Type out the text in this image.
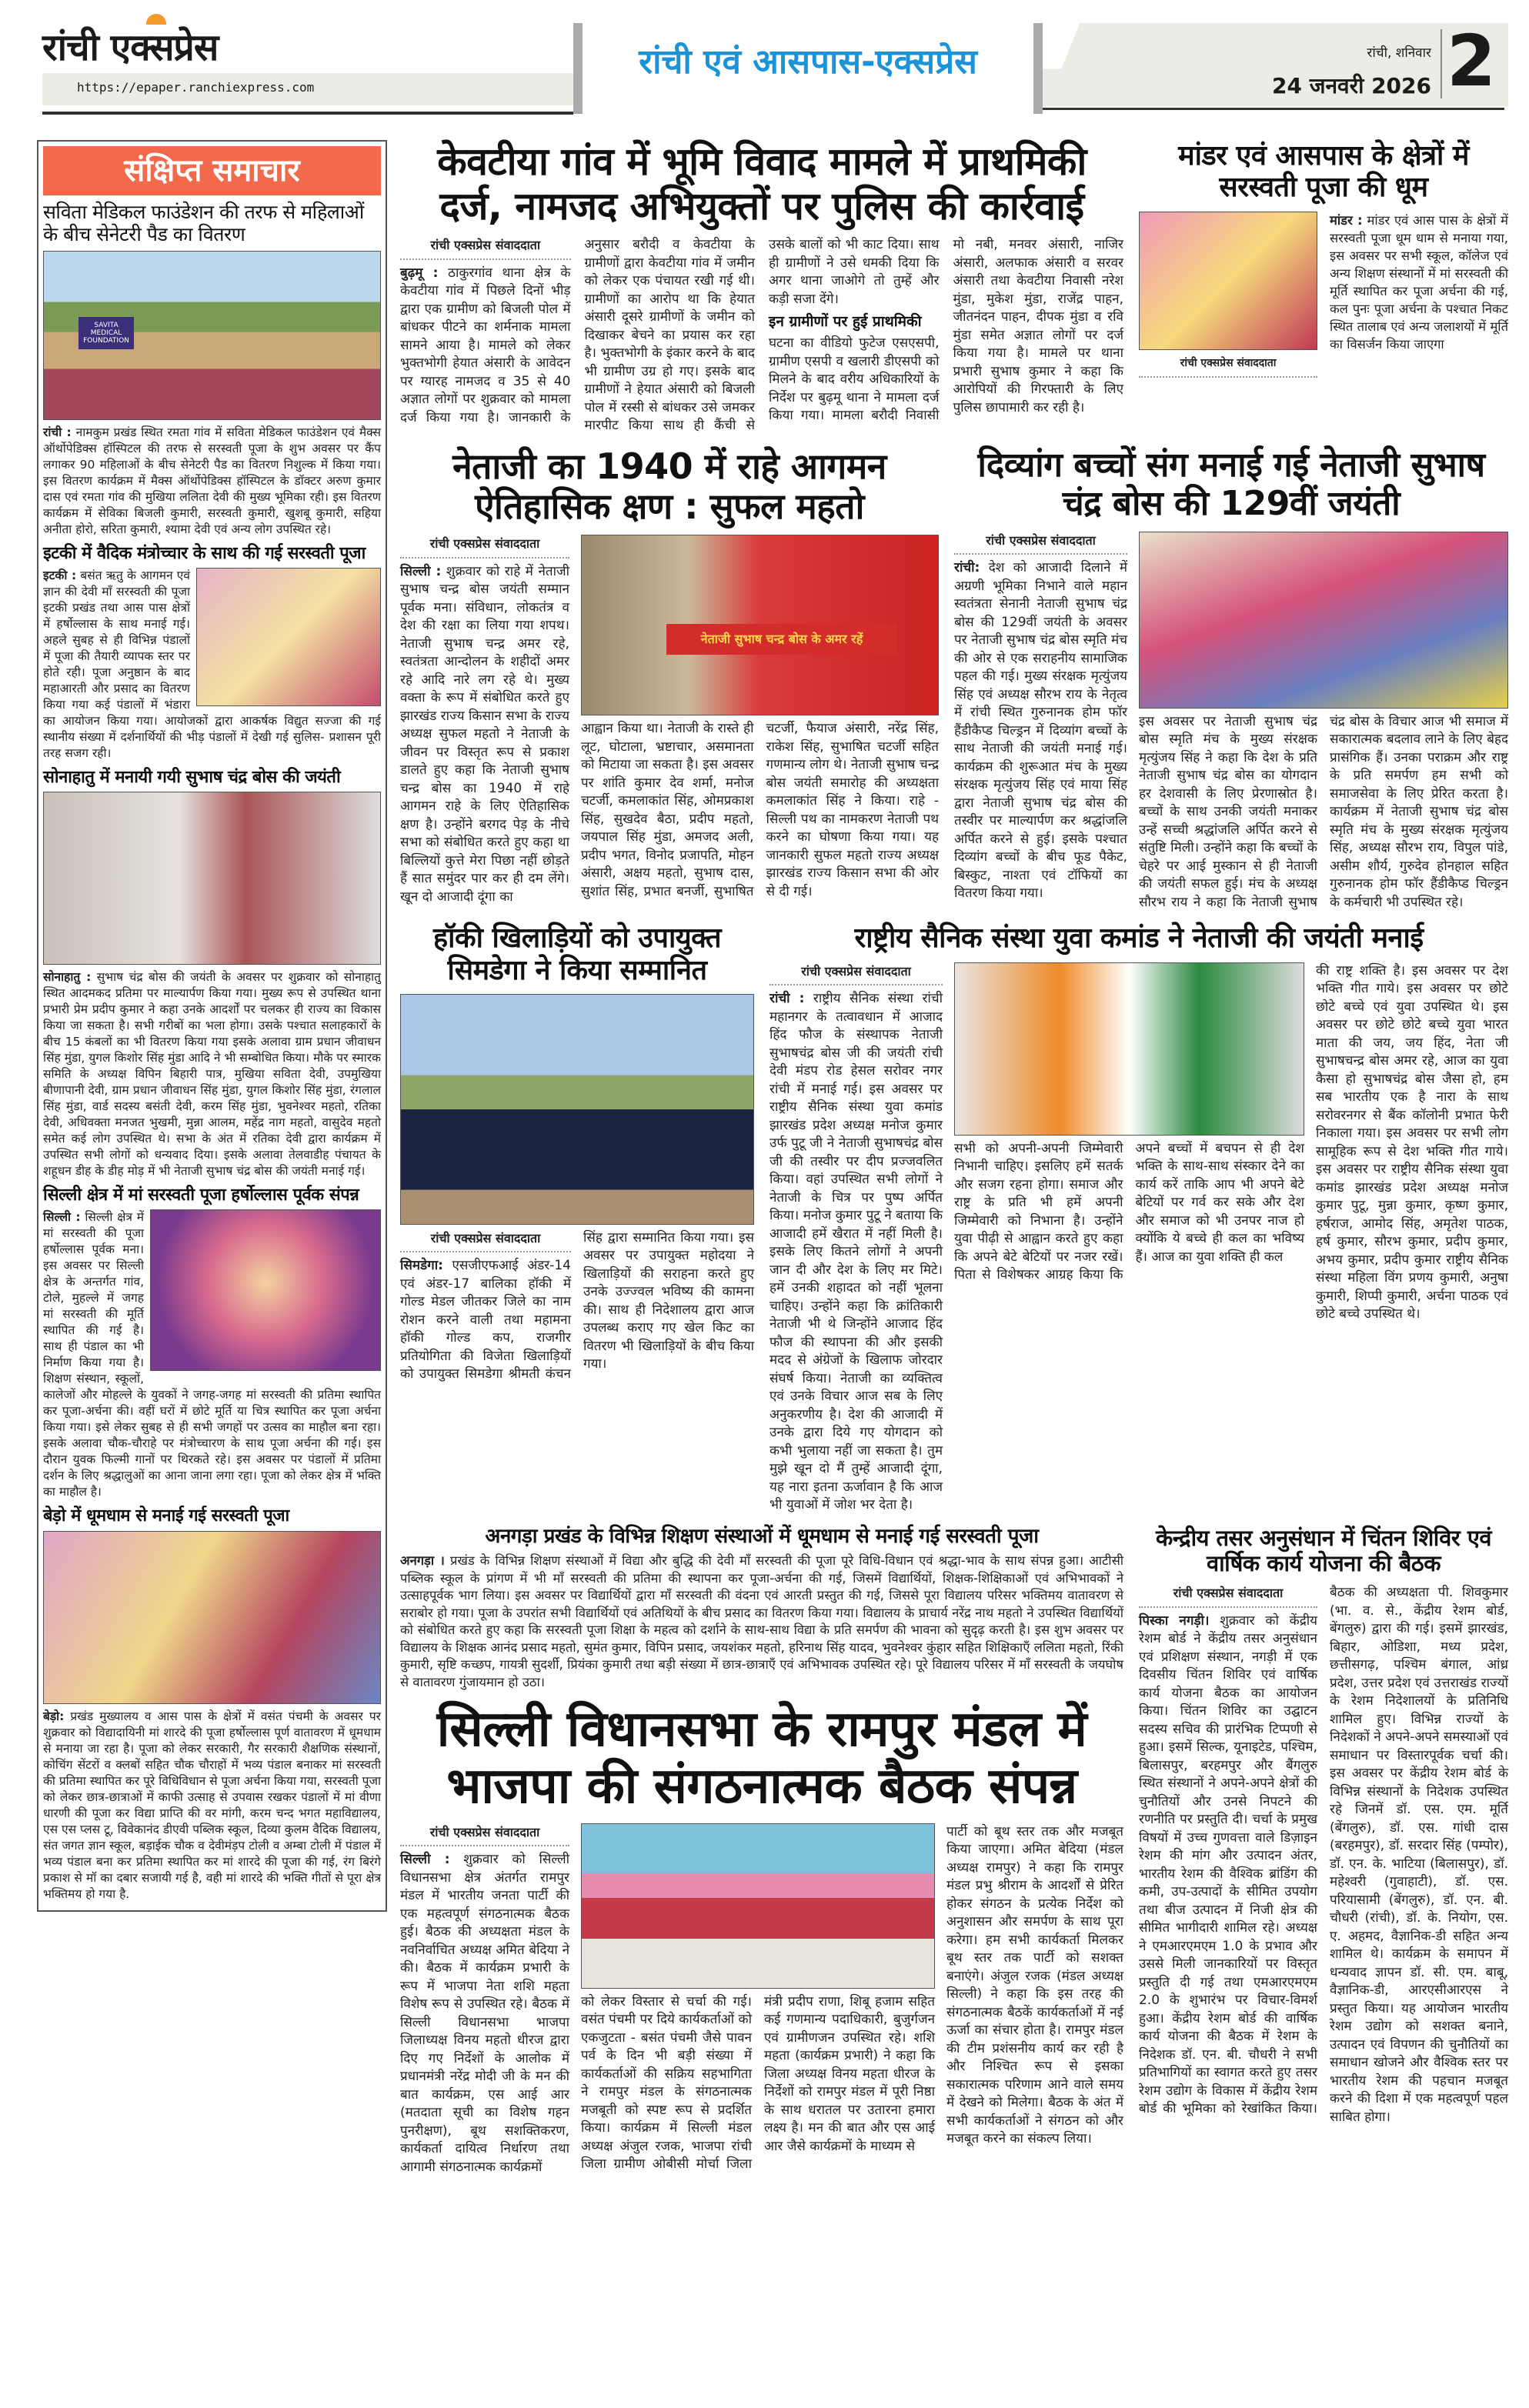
रांची एक्सप्रेस
https://epaper.ranchiexpress.com
रांची एवं आसपास-एक्सप्रेस	रांची, शनिवार
24 जनवरी 2026 2
संक्षिप्त समाचार
सविता मेडिकल फाउंडेशन की तरफ से महिलाओं के बीच सेनेटरी पैड का वितरण
SAVITA MEDICAL FOUNDATION
रांची : नामकुम प्रखंड स्थित रमता गांव में सविता मेडिकल फाउंडेशन एवं मैक्स ऑर्थोपेडिक्स हॉस्पिटल की तरफ से सरस्वती पूजा के शुभ अवसर पर कैंप लगाकर 90 महिलाओं के बीच सेनेटरी पैड का वितरण निशुल्क में किया गया। इस वितरण कार्यक्रम में मैक्स ऑर्थोपेडिक्स हॉस्पिटल के डॉक्टर अरुण कुमार दास एवं रमता गांव की मुखिया ललिता देवी की मुख्य भूमिका रही। इस वितरण कार्यक्रम में सेविका बिजली कुमारी, सरस्वती कुमारी, खुशबू कुमारी, सहिया अनीता होरो, सरिता कुमारी, श्यामा देवी एवं अन्य लोग उपस्थित रहे।
इटकी में वैदिक मंत्रोच्चार के साथ की गई सरस्वती पूजा
इटकी : बसंत ऋतु के आगमन एवं ज्ञान की देवी माँ सरस्वती की पूजा इटकी प्रखंड तथा आस पास क्षेत्रों में हर्षोल्लास के साथ मनाई गई। अहले सुबह से ही विभिन्न पंडालों में पूजा की तैयारी व्यापक स्तर पर होते रही। पूजा अनुष्ठान के बाद महाआरती और प्रसाद का वितरण किया गया कई पंडालों में भंडारा का आयोजन किया गया। आयोजकों द्वारा आकर्षक विद्युत सज्जा की गई स्थानीय संख्या में दर्शनार्थियों की भीड़ पंडालों में देखी गई सुलिस- प्रशासन पूरी तरह सजग रही।
सोनाहातु में मनायी गयी सुभाष चंद्र बोस की जयंती
सोनाहातु : सुभाष चंद्र बोस की जयंती के अवसर पर शुक्रवार को सोनाहातु स्थित आदमकद प्रतिमा पर माल्यार्पण किया गया। मुख्य रूप से उपस्थित थाना प्रभारी प्रेम प्रदीप कुमार ने कहा उनके आदर्शों पर चलकर ही राज्य का विकास किया जा सकता है। सभी गरीबों का भला होगा। उसके पश्चात सलाहकारों के बीच 15 कंबलों का भी वितरण किया गया इसके अलावा ग्राम प्रधान जीवाधन सिंह मुंडा, युगल किशोर सिंह मुंडा आदि ने भी सम्बोधित किया। मौके पर स्मारक समिति के अध्यक्ष विपिन बिहारी पात्र, मुखिया सविता देवी, उपमुखिया बीणापानी देवी, ग्राम प्रधान जीवाधन सिंह मुंडा, युगल किशोर सिंह मुंडा, रंगलाल सिंह मुंडा, वार्ड सदस्य बसंती देवी, करम सिंह मुंडा, भुवनेश्वर महतो, रतिका देवी, अधिवक्ता मनजत भुखमी, मुन्ना आलम, महेंद्र नाग महतो, वासुदेव महतो समेत कई लोग उपस्थित थे। सभा के अंत में रतिका देवी द्वारा कार्यक्रम में उपस्थित सभी लोगों को धन्यवाद दिया। इसके अलावा तेलवाडीह पंचायत के शहूधन डीह के डीह मोड़ में भी नेताजी सुभाष चंद्र बोस की जयंती मनाई गई।
सिल्ली क्षेत्र में मां सरस्वती पूजा हर्षोल्लास पूर्वक संपन्न
सिल्ली : सिल्ली क्षेत्र में मां सरस्वती की पूजा हर्षोल्लास पूर्वक मना। इस अवसर पर सिल्ली क्षेत्र के अन्तर्गत गांव, टोले, मुहल्ले में जगह मां सरस्वती की मूर्ति स्थापित की गई है। साथ ही पंडाल का भी निर्माण किया गया है। शिक्षण संस्थान, स्कूलों, कालेजों और मोहल्ले के युवकों ने जगह-जगह मां सरस्वती की प्रतिमा स्थापित कर पूजा-अर्चना की। वहीं घरों में छोटे मूर्ति या चित्र स्थापित कर पूजा अर्चना किया गया। इसे लेकर सुबह से ही सभी जगहों पर उत्सव का माहौल बना रहा। इसके अलावा चौक-चौराहे पर मंत्रोच्चारण के साथ पूजा अर्चना की गई। इस दौरान युवक फिल्मी गानों पर थिरकते रहे। इस अवसर पर पंडालों में प्रतिमा दर्शन के लिए श्रद्धालुओं का आना जाना लगा रहा। पूजा को लेकर क्षेत्र में भक्ति का माहौल है।
बेड़ो में धूमधाम से मनाई गई सरस्वती पूजा
बेड़ो: प्रखंड मुख्यालय व आस पास के क्षेत्रों में वसंत पंचमी के अवसर पर शुक्रवार को विद्यादायिनी मां शारदे की पूजा हर्षोल्लास पूर्ण वातावरण में धूमधाम से मनाया जा रहा है। पूजा को लेकर सरकारी, गैर सरकारी शैक्षणिक संस्थानों, कोचिंग सेंटरों व क्लबों सहित चौक चौराहों में भव्य पंडाल बनाकर मां सरस्वती की प्रतिमा स्थापित कर पूरे विधिविधान से पूजा अर्चना किया गया, सरस्वती पूजा को लेकर छात्र-छात्राओं में काफी उत्साह से उपवास रखकर पंडालों में मां वीणा धारणी की पूजा कर विद्या प्राप्ति की वर मांगी, करम चन्द भगत महाविद्यालय, एस एस प्लस टू, विवेकानंद डीएवी पब्लिक स्कूल, दिव्या कुलम वैदिक विद्यालय, संत जगत ज्ञान स्कूल, बड़ाईक चौक व देवीमंड़प टोली व अम्बा टोली में पंडाल में भव्य पंडाल बना कर प्रतिमा स्थापित कर मां शारदे की पूजा की गई, रंग बिरंगे प्रकाश से मॉ का दबार सजायी गई है, वही मां शारदे की भक्ति गीतों से पूरा क्षेत्र भक्तिमय हो गया है.
केवटीया गांव में भूमि विवाद मामले में प्राथमिकी दर्ज, नामजद अभियुक्तों पर पुलिस की कार्रवाई
रांची एक्सप्रेस संवाददाता
बुढ़मू : ठाकुरगांव थाना क्षेत्र के केवटीया गांव में पिछले दिनों भीड़ द्वारा एक ग्रामीण को बिजली पोल में बांधकर पीटने का शर्मनाक मामला सामने आया है। मामले को लेकर भुक्तभोगी हेयात अंसारी के आवेदन पर ग्यारह नामजद व 35 से 40 अज्ञात लोगों पर शुक्रवार को मामला दर्ज किया गया है। जानकारी के अनुसार बरौदी व केवटीया के ग्रामीणों द्वारा केवटीया गांव में जमीन को लेकर एक पंचायत रखी गई थी। ग्रामीणों का आरोप था कि हेयात अंसारी दूसरे ग्रामीणों के जमीन को दिखाकर बेचने का प्रयास कर रहा है। भुक्तभोगी के इंकार करने के बाद भी ग्रामीण उग्र हो गए। इसके बाद ग्रामीणों ने हेयात अंसारी को बिजली पोल में रस्सी से बांधकर उसे जमकर मारपीट किया साथ ही कैंची से उसके बालों को भी काट दिया। साथ ही ग्रामीणों ने उसे धमकी दिया कि अगर थाना जाओगे तो तुम्हें और कड़ी सजा देंगे।
इन ग्रामीणों पर हुई प्राथमिकी
घटना का वीडियो फुटेज एसएसपी, ग्रामीण एसपी व खलारी डीएसपी को मिलने के बाद वरीय अधिकारियों के निर्देश पर बुढ़मू थाना ने मामला दर्ज किया गया। मामला बरौदी निवासी मो नबी, मनवर अंसारी, नाजिर अंसारी, अलफाक अंसारी व सरवर अंसारी तथा केवटीया निवासी नरेश मुंडा, मुकेश मुंडा, राजेंद्र पाहन, जीतनंदन पाहन, दीपक मुंडा व रवि मुंडा समेत अज्ञात लोगों पर दर्ज किया गया है। मामले पर थाना प्रभारी सुभाष कुमार ने कहा कि आरोपियों की गिरफ्तारी के लिए पुलिस छापामारी कर रही है।
मांडर एवं आसपास के क्षेत्रों में सरस्वती पूजा की धूम
रांची एक्सप्रेस संवाददाता
मांडर : मांडर एवं आस पास के क्षेत्रों में सरस्वती पूजा धूम धाम से मनाया गया, इस अवसर पर सभी स्कूल, कॉलेज एवं अन्य शिक्षण संस्थानों में मां सरस्वती की मूर्ति स्थापित कर पूजा अर्चना की गई, कल पुनः पूजा अर्चना के पश्चात निकट स्थित तालाब एवं अन्य जलाशयों में मूर्ति का विसर्जन किया जाएगा
नेताजी का 1940 में राहे आगमन ऐतिहासिक क्षण : सुफल महतो
रांची एक्सप्रेस संवाददाता
सिल्ली : शुक्रवार को राहे में नेताजी सुभाष चन्द्र बोस जयंती सम्मान पूर्वक मना। संविधान, लोकतंत्र व देश की रक्षा का लिया गया शपथ। नेताजी सुभाष चन्द्र अमर रहे, स्वतंत्रता आन्दोलन के शहीदों अमर रहे आदि नारे लग रहे थे। मुख्य वक्ता के रूप में संबोधित करते हुए झारखंड राज्य किसान सभा के राज्य अध्यक्ष सुफल महतो ने नेताजी के जीवन पर विस्तृत रूप से प्रकाश डालते हुए कहा कि नेताजी सुभाष चन्द्र बोस का 1940 में राहे आगमन राहे के लिए ऐतिहासिक क्षण है। उन्होंने बरगद पेड़ के नीचे सभा को संबोधित करते हुए कहा था बिल्लियों कुत्ते मेरा पिछा नहीं छोड़ते हैं सात समुंदर पार कर ही दम लेंगे। खून दो आजादी दूंगा का
नेताजी सुभाष चन्द्र बोस के अमर रहें
आह्वान किया था। नेताजी के रास्ते ही लूट, घोटाला, भ्रष्टाचार, असमानता को मिटाया जा सकता है। इस अवसर पर शांति कुमार देव शर्मा, मनोज चटर्जी, कमलाकांत सिंह, ओमप्रकाश सिंह, सुखदेव बैठा, प्रदीप महतो, जयपाल सिंह मुंडा, अमजद अली, प्रदीप भगत, विनोद प्रजापति, मोहन अंसारी, अक्षय महतो, सुभाष दास, सुशांत सिंह, प्रभात बनर्जी, सुभाषित चटर्जी, फैयाज अंसारी, नरेंद्र सिंह, राकेश सिंह, सुभाषित चटर्जी सहित गणमान्य लोग थे। नेताजी सुभाष चन्द्र बोस जयंती समारोह की अध्यक्षता कमलाकांत सिंह ने किया। राहे - सिल्ली पथ का नामकरण नेताजी पथ करने का घोषणा किया गया। यह जानकारी सुफल महतो राज्य अध्यक्ष झारखंड राज्य किसान सभा की ओर से दी गई।
दिव्यांग बच्चों संग मनाई गई नेताजी सुभाष चंद्र बोस की 129वीं जयंती
रांची एक्सप्रेस संवाददाता
रांची: देश को आजादी दिलाने में अग्रणी भूमिका निभाने वाले महान स्वतंत्रता सेनानी नेताजी सुभाष चंद्र बोस की 129वीं जयंती के अवसर पर नेताजी सुभाष चंद्र बोस स्मृति मंच की ओर से एक सराहनीय सामाजिक पहल की गई। मुख्य संरक्षक मृत्युंजय सिंह एवं अध्यक्ष सौरभ राय के नेतृत्व में रांची स्थित गुरुनानक होम फॉर हैंडीकैप्ड चिल्ड्रन में दिव्यांग बच्चों के साथ नेताजी की जयंती मनाई गई। कार्यक्रम की शुरूआत मंच के मुख्य संरक्षक मृत्युंजय सिंह एवं माया सिंह द्वारा नेताजी सुभाष चंद्र बोस की तस्वीर पर माल्यार्पण कर श्रद्धांजलि अर्पित करने से हुई। इसके पश्चात दिव्यांग बच्चों के बीच फूड पैकेट, बिस्कुट, नाश्ता एवं टॉफियों का वितरण किया गया।
इस अवसर पर नेताजी सुभाष चंद्र बोस स्मृति मंच के मुख्य संरक्षक मृत्युंजय सिंह ने कहा कि देश के प्रति नेताजी सुभाष चंद्र बोस का योगदान हर देशवासी के लिए प्रेरणास्रोत है। बच्चों के साथ उनकी जयंती मनाकर उन्हें सच्ची श्रद्धांजलि अर्पित करने से संतुष्टि मिली। उन्होंने कहा कि बच्चों के चेहरे पर आई मुस्कान से ही नेताजी की जयंती सफल हुई। मंच के अध्यक्ष सौरभ राय ने कहा कि नेताजी सुभाष चंद्र बोस के विचार आज भी समाज में सकारात्मक बदलाव लाने के लिए बेहद प्रासंगिक हैं। उनका पराक्रम और राष्ट्र के प्रति समर्पण हम सभी को समाजसेवा के लिए प्रेरित करता है। कार्यक्रम में नेताजी सुभाष चंद्र बोस स्मृति मंच के मुख्य संरक्षक मृत्युंजय सिंह, अध्यक्ष सौरभ राय, विपुल पांडे, असीम शौर्य, गुरुदेव होनहाल सहित गुरुनानक होम फॉर हैंडीकैप्ड चिल्ड्रन के कर्मचारी भी उपस्थित रहे।
हॉकी खिलाड़ियों को उपायुक्त सिमडेगा ने किया सम्मानित
रांची एक्सप्रेस संवाददाता
सिमडेगा: एसजीएफआई अंडर-14 एवं अंडर-17 बालिका हॉकी में गोल्ड मेडल जीतकर जिले का नाम रोशन करने वाली तथा महामना हॉकी गोल्ड कप, राजगीर प्रतियोगिता की विजेता खिलाड़ियों को उपायुक्त सिमडेगा श्रीमती कंचन सिंह द्वारा सम्मानित किया गया। इस अवसर पर उपायुक्त महोदया ने खिलाड़ियों की सराहना करते हुए उनके उज्ज्वल भविष्य की कामना की। साथ ही निदेशालय द्वारा आज उपलब्ध कराए गए खेल किट का वितरण भी खिलाड़ियों के बीच किया गया।
राष्ट्रीय सैनिक संस्था युवा कमांड ने नेताजी की जयंती मनाई
रांची एक्सप्रेस संवाददाता
रांची : राष्ट्रीय सैनिक संस्था रांची महानगर के तत्वावधान में आजाद हिंद फौज के संस्थापक नेताजी सुभाषचंद्र बोस जी की जयंती रांची देवी मंडप रोड हेसल सरोवर नगर रांची में मनाई गई। इस अवसर पर राष्ट्रीय सैनिक संस्था युवा कमांड झारखंड प्रदेश अध्यक्ष मनोज कुमार उर्फ पुटू जी ने नेताजी सुभाषचंद्र बोस जी की तस्वीर पर दीप प्रज्जवलित किया। वहां उपस्थित सभी लोगों ने नेताजी के चित्र पर पुष्प अर्पित किया। मनोज कुमार पुटू ने बताया कि आजादी हमें खैरात में नहीं मिली है। इसके लिए कितने लोगों ने अपनी जान दी और देश के लिए मर मिटे। हमें उनकी शहादत को नहीं भूलना चाहिए। उन्होंने कहा कि क्रांतिकारी नेताजी भी थे जिन्होंने आजाद हिंद फौज की स्थापना की और इसकी मदद से अंग्रेजों के खिलाफ जोरदार संघर्ष किया। नेताजी का व्यक्तित्व एवं उनके विचार आज सब के लिए अनुकरणीय है। देश की आजादी में उनके द्वारा दिये गए योगदान को कभी भुलाया नहीं जा सकता है। तुम मुझे खून दो मैं तुम्हें आजादी दूंगा, यह नारा इतना ऊर्जावान है कि आज भी युवाओं में जोश भर देता है।
सभी को अपनी-अपनी जिम्मेवारी निभानी चाहिए। इसलिए हमें सतर्क और सजग रहना होगा। समाज और राष्ट्र के प्रति भी हमें अपनी जिम्मेवारी को निभाना है। उन्होंने युवा पीढ़ी से आह्वान करते हुए कहा कि अपने बेटे बेटियों पर नजर रखें। पिता से विशेषकर आग्रह किया कि अपने बच्चों में बचपन से ही देश भक्ति के साथ-साथ संस्कार देने का कार्य करें ताकि आप भी अपने बेटे बेटियों पर गर्व कर सके और देश और समाज को भी उनपर नाज हो क्योंकि ये बच्चे ही कल का भविष्य हैं। आज का युवा शक्ति ही कल
की राष्ट्र शक्ति है। इस अवसर पर देश भक्ति गीत गाये। इस अवसर पर छोटे छोटे बच्चे एवं युवा उपस्थित थे। इस अवसर पर छोटे छोटे बच्चे युवा भारत माता की जय, जय हिंद, नेता जी सुभाषचन्द्र बोस अमर रहे, आज का युवा कैसा हो सुभाषचंद्र बोस जैसा हो, हम सब भारतीय एक है नारा के साथ सरोवरनगर से बैंक कॉलोनी प्रभात फेरी निकाला गया। इस अवसर पर सभी लोग सामूहिक रूप से देश भक्ति गीत गाये। इस अवसर पर राष्ट्रीय सैनिक संस्था युवा कमांड झारखंड प्रदेश अध्यक्ष मनोज कुमार पुटू, मुन्ना कुमार, कृष्ण कुमार, हर्षराज, आमोद सिंह, अमृतेश पाठक, हर्ष कुमार, सौरभ कुमार, प्रदीप कुमार, अभय कुमार, प्रदीप कुमार राष्ट्रीय सैनिक संस्था महिला विंग प्रणय कुमारी, अनुषा कुमारी, शिप्पी कुमारी, अर्चना पाठक एवं छोटे बच्चे उपस्थित थे।
अनगड़ा प्रखंड के विभिन्न शिक्षण संस्थाओं में धूमधाम से मनाई गई सरस्वती पूजा
अनगड़ा । प्रखंड के विभिन्न शिक्षण संस्थाओं में विद्या और बुद्धि की देवी माँ सरस्वती की पूजा पूरे विधि-विधान एवं श्रद्धा-भाव के साथ संपन्न हुआ। आटीसी पब्लिक स्कूल के प्रांगण में भी माँ सरस्वती की प्रतिमा की स्थापना कर पूजा-अर्चना की गई, जिसमें विद्यार्थियों, शिक्षक-शिक्षिकाओं एवं अभिभावकों ने उत्साहपूर्वक भाग लिया। इस अवसर पर विद्यार्थियों द्वारा माँ सरस्वती की वंदना एवं आरती प्रस्तुत की गई, जिससे पूरा विद्यालय परिसर भक्तिमय वातावरण से सराबोर हो गया। पूजा के उपरांत सभी विद्यार्थियों एवं अतिथियों के बीच प्रसाद का वितरण किया गया। विद्यालय के प्राचार्य नरेंद्र नाथ महतो ने उपस्थित विद्यार्थियों को संबोधित करते हुए कहा कि सरस्वती पूजा शिक्षा के महत्व को दर्शाने के साथ-साथ विद्या के प्रति समर्पण की भावना को सुदृढ़ करती है। इस शुभ अवसर पर विद्यालय के शिक्षक आनंद प्रसाद महतो, सुमंत कुमार, विपिन प्रसाद, जयशंकर महतो, हरिनाथ सिंह यादव, भुवनेश्वर कुंहार सहित शिक्षिकाएँ ललिता महतो, रिंकी कुमारी, सृष्टि कच्छप, गायत्री सुदर्शी, प्रियंका कुमारी तथा बड़ी संख्या में छात्र-छात्राएँ एवं अभिभावक उपस्थित रहे। पूरे विद्यालय परिसर में माँ सरस्वती के जयघोष से वातावरण गुंजायमान हो उठा।
सिल्ली विधानसभा के रामपुर मंडल में भाजपा की संगठनात्मक बैठक संपन्न
रांची एक्सप्रेस संवाददाता
सिल्ली : शुक्रवार को सिल्ली विधानसभा क्षेत्र अंतर्गत रामपुर मंडल में भारतीय जनता पार्टी की एक महत्वपूर्ण संगठनात्मक बैठक हुई। बैठक की अध्यक्षता मंडल के नवनिर्वाचित अध्यक्ष अमित बेदिया ने की। बैठक में कार्यक्रम प्रभारी के रूप में भाजपा नेता शशि महता विशेष रूप से उपस्थित रहे। बैठक में सिल्ली विधानसभा भाजपा जिलाध्यक्ष विनय महतो धीरज द्वारा दिए गए निर्देशों के आलोक में प्रधानमंत्री नरेंद्र मोदी जी के मन की बात कार्यक्रम, एस आई आर (मतदाता सूची का विशेष गहन पुनरीक्षण), बूथ सशक्तिकरण, कार्यकर्ता दायित्व निर्धारण तथा आगामी संगठनात्मक कार्यक्रमों
को लेकर विस्तार से चर्चा की गई। वसंत पंचमी पर दिये कार्यकर्ताओं को एकजुटता - बसंत पंचमी जैसे पावन पर्व के दिन भी बड़ी संख्या में कार्यकर्ताओं की सक्रिय सहभागिता ने रामपुर मंडल के संगठनात्मक मजबूती को स्पष्ट रूप से प्रदर्शित किया। कार्यक्रम में सिल्ली मंडल अध्यक्ष अंजुल रजक, भाजपा रांची जिला ग्रामीण ओबीसी मोर्चा जिला मंत्री प्रदीप राणा, शिबू हजाम सहित कई गणमान्य पदाधिकारी, बुजुर्गजन एवं ग्रामीणजन उपस्थित रहे। शशि महता (कार्यक्रम प्रभारी) ने कहा कि जिला अध्यक्ष विनय महता धीरज के निर्देशों को रामपुर मंडल में पूरी निष्ठा के साथ धरातल पर उतारना हमारा लक्ष्य है। मन की बात और एस आई आर जैसे कार्यक्रमों के माध्यम से
पार्टी को बूथ स्तर तक और मजबूत किया जाएगा। अमित बेदिया (मंडल अध्यक्ष रामपुर) ने कहा कि रामपुर मंडल प्रभु श्रीराम के आदर्शों से प्रेरित होकर संगठन के प्रत्येक निर्देश को अनुशासन और समर्पण के साथ पूरा करेगा। हम सभी कार्यकर्ता मिलकर बूथ स्तर तक पार्टी को सशक्त बनाएंगे। अंजुल रजक (मंडल अध्यक्ष सिल्ली) ने कहा कि इस तरह की संगठनात्मक बैठकें कार्यकर्ताओं में नई ऊर्जा का संचार होता है। रामपुर मंडल की टीम प्रशंसनीय कार्य कर रही है और निश्चित रूप से इसका सकारात्मक परिणाम आने वाले समय में देखने को मिलेगा। बैठक के अंत में सभी कार्यकर्ताओं ने संगठन को और मजबूत करने का संकल्प लिया।
केन्द्रीय तसर अनुसंधान में चिंतन शिविर एवं वार्षिक कार्य योजना की बैठक
रांची एक्सप्रेस संवाददाता
पिस्का नगड़ी। शुक्रवार को केंद्रीय रेशम बोर्ड ने केंद्रीय तसर अनुसंधान एवं प्रशिक्षण संस्थान, नगड़ी में एक दिवसीय चिंतन शिविर एवं वार्षिक कार्य योजना बैठक का आयोजन किया। चिंतन शिविर का उद्घाटन सदस्य सचिव की प्रारंभिक टिप्पणी से हुआ। इसमें सिल्क, यूनाइटेड, पश्चिम, बिलासपुर, बरहमपुर और बैंगलुरु स्थित संस्थानों ने अपने-अपने क्षेत्रों की चुनौतियों और उनसे निपटने की रणनीति पर प्रस्तुति दी। चर्चा के प्रमुख विषयों में उच्च गुणवत्ता वाले डिज़ाइन रेशम की मांग और उत्पादन अंतर, भारतीय रेशम की वैश्विक ब्रांडिंग की कमी, उप-उत्पादों के सीमित उपयोग तथा बीज उत्पादन में निजी क्षेत्र की सीमित भागीदारी शामिल रहे। अध्यक्ष ने एमआरएमएम 1.0 के प्रभाव और उससे मिली जानकारियों पर विस्तृत प्रस्तुति दी गई तथा एमआरएमएम 2.0 के शुभारंभ पर विचार-विमर्श हुआ। केंद्रीय रेशम बोर्ड की वार्षिक कार्य योजना की बैठक में रेशम के निदेशक डॉ. एन. बी. चौधरी ने सभी प्रतिभागियों का स्वागत करते हुए तसर रेशम उद्योग के विकास में केंद्रीय रेशम बोर्ड की भूमिका को रेखांकित किया। बैठक की अध्यक्षता पी. शिवकुमार (भा. व. से., केंद्रीय रेशम बोर्ड, बेंगलुरु) द्वारा की गई। इसमें झारखंड, बिहार, ओडिशा, मध्य प्रदेश, छत्तीसगढ़, पश्चिम बंगाल, आंध्र प्रदेश, उत्तर प्रदेश एवं उत्तराखंड राज्यों के रेशम निदेशालयों के प्रतिनिधि शामिल हुए। विभिन्न राज्यों के निदेशकों ने अपने-अपने समस्याओं एवं समाधान पर विस्तारपूर्वक चर्चा की। इस अवसर पर केंद्रीय रेशम बोर्ड के विभिन्न संस्थानों के निदेशक उपस्थित रहे जिनमें डॉ. एस. एम. मूर्ति (बेंगलुरु), डॉ. एस. गांधी दास (बरहमपुर), डॉ. सरदार सिंह (पम्पोर), डॉ. एन. के. भाटिया (बिलासपुर), डॉ. महेश्वरी (गुवाहाटी), डॉ. एस. परियासामी (बेंगलुरु), डॉ. एन. बी. चौधरी (रांची), डॉ. के. नियोग, एस. ए. अहमद, वैज्ञानिक-डी सहित अन्य शामिल थे। कार्यक्रम के समापन में धन्यवाद ज्ञापन डॉ. सी. एम. बाबू, वैज्ञानिक-डी, आरएसीआरएस ने प्रस्तुत किया। यह आयोजन भारतीय रेशम उद्योग को सशक्त बनाने, उत्पादन एवं विपणन की चुनौतियों का समाधान खोजने और वैश्विक स्तर पर भारतीय रेशम की पहचान मजबूत करने की दिशा में एक महत्वपूर्ण पहल साबित होगा।
